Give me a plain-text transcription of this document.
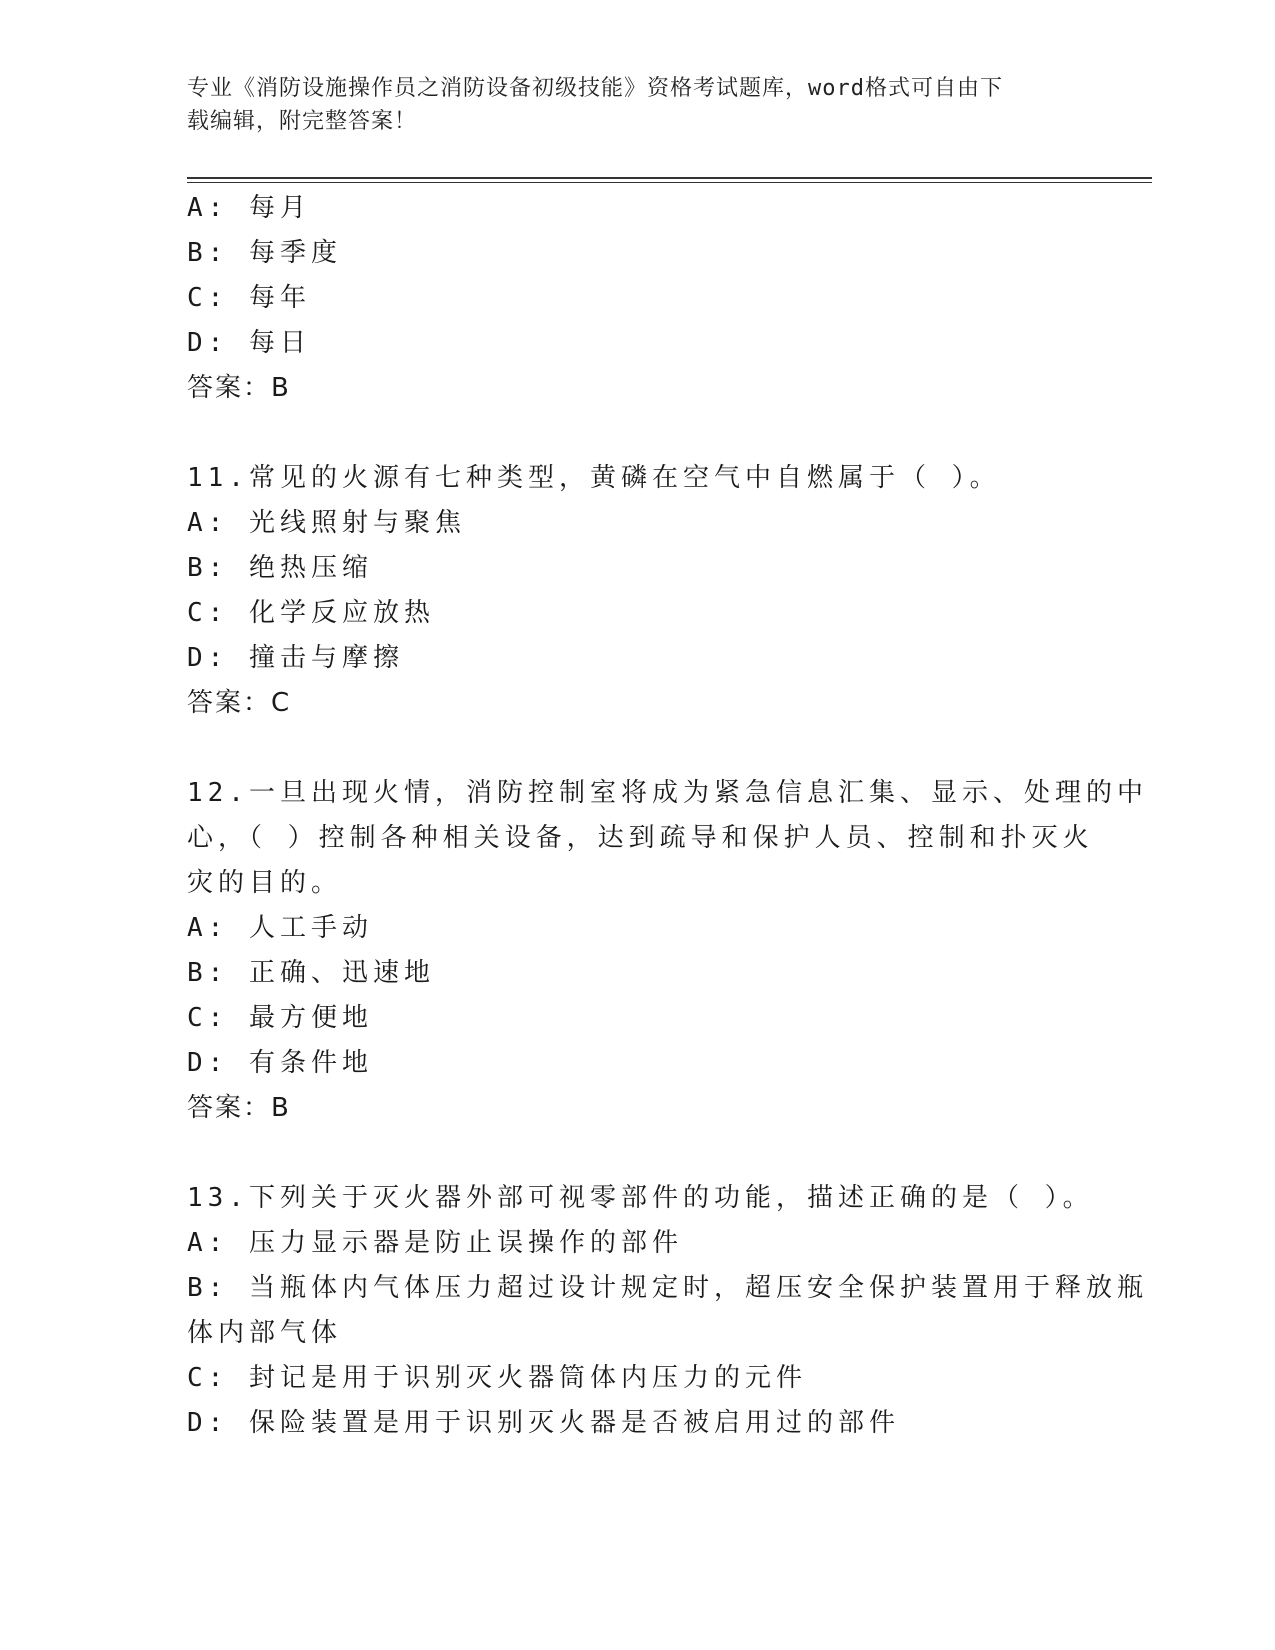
专业《消防设施操作员之消防设备初级技能》资格考试题库，word格式可自由下
载编辑，附完整答案！
A: 每月
B: 每季度
C: 每年
D: 每日
答案：B
11.常见的火源有七种类型，黄磷在空气中自燃属于（ ）。
A: 光线照射与聚焦
B: 绝热压缩
C: 化学反应放热
D: 撞击与摩擦
答案：C
12.一旦出现火情，消防控制室将成为紧急信息汇集、显示、处理的中
心，（ ）控制各种相关设备，达到疏导和保护人员、控制和扑灭火
灾的目的。
A: 人工手动
B: 正确、迅速地
C: 最方便地
D: 有条件地
答案：B
13.下列关于灭火器外部可视零部件的功能，描述正确的是（ ）。
A: 压力显示器是防止误操作的部件
B: 当瓶体内气体压力超过设计规定时，超压安全保护装置用于释放瓶
体内部气体
C: 封记是用于识别灭火器筒体内压力的元件
D: 保险装置是用于识别灭火器是否被启用过的部件
